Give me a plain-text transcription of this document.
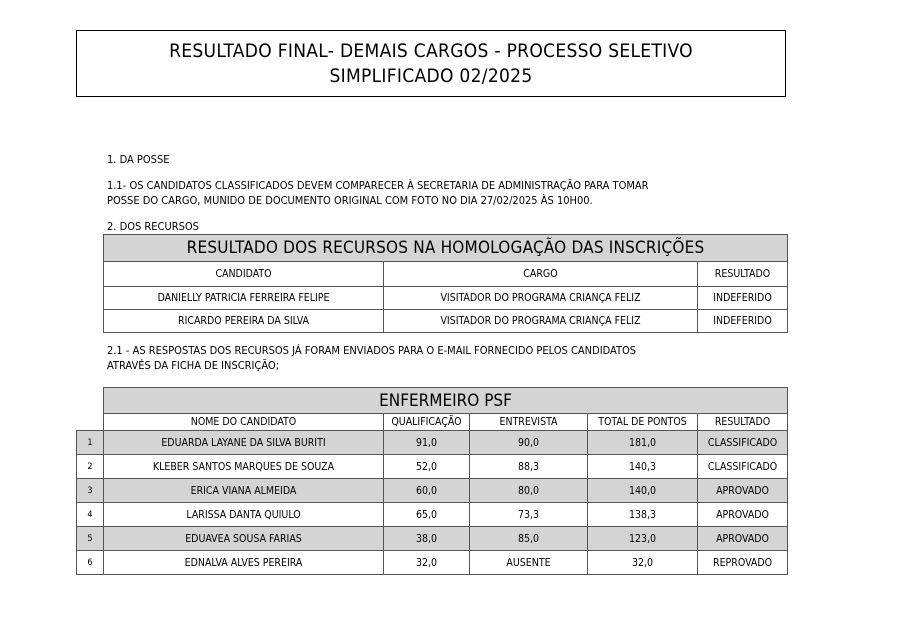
RESULTADO FINAL- DEMAIS CARGOS - PROCESSO SELETIVO
SIMPLIFICADO 02/2025
1. DA POSSE
1.1- OS CANDIDATOS CLASSIFICADOS DEVEM COMPARECER À SECRETARIA DE ADMINISTRAÇÃO PARA TOMAR
POSSE DO CARGO, MUNIDO DE DOCUMENTO ORIGINAL COM FOTO NO DIA 27/02/2025 ÀS 10H00.
2. DOS RECURSOS
RESULTADO DOS RECURSOS NA HOMOLOGAÇÃO DAS INSCRIÇÕES		
CANDIDATO	CARGO	RESULTADO
DANIELLY PATRICIA FERREIRA FELIPE	VISITADOR DO PROGRAMA CRIANÇA FELIZ	INDEFERIDO
RICARDO PEREIRA DA SILVA	VISITADOR DO PROGRAMA CRIANÇA FELIZ	INDEFERIDO
2.1 - AS RESPOSTAS DOS RECURSOS JÁ FORAM ENVIADOS PARA O E-MAIL FORNECIDO PELOS CANDIDATOS
ATRAVÉS DA FICHA DE INSCRIÇÃO;
	ENFERMEIRO PSF				
	NOME DO CANDIDATO	QUALIFICAÇÃO	ENTREVISTA	TOTAL DE PONTOS	RESULTADO
1	EDUARDA LAYANE DA SILVA BURITI	91,0	90,0	181,0	CLASSIFICADO
2	KLEBER SANTOS MARQUES DE SOUZA	52,0	88,3	140,3	CLASSIFICADO
3	ERICA VIANA ALMEIDA	60,0	80,0	140,0	APROVADO
4	LARISSA DANTA QUIULO	65,0	73,3	138,3	APROVADO
5	EDUAVEA SOUSA FARIAS	38,0	85,0	123,0	APROVADO
6	EDNALVA ALVES PEREIRA	32,0	AUSENTE	32,0	REPROVADO
